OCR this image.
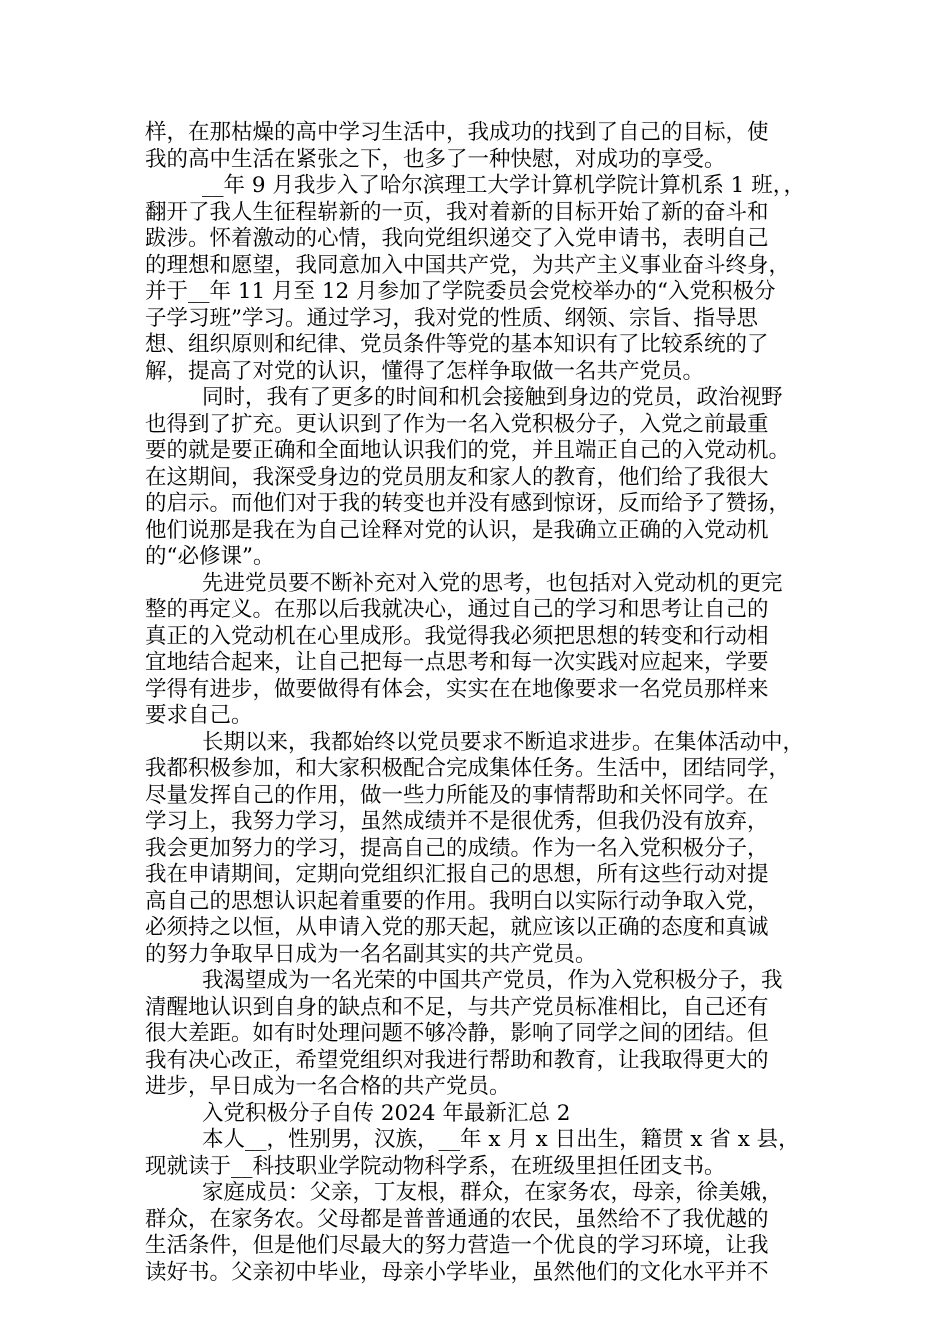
样，在那枯燥的高中学习生活中，我成功的找到了自己的目标，使
我的高中生活在紧张之下，也多了一种快慰，对成功的享受。
__年 9 月我步入了哈尔滨理工大学计算机学院计算机系 1 班，，
翻开了我人生征程崭新的一页，我对着新的目标开始了新的奋斗和
跋涉。怀着激动的心情，我向党组织递交了入党申请书，表明自己
的理想和愿望，我同意加入中国共产党，为共产主义事业奋斗终身，
并于__年 11 月至 12 月参加了学院委员会党校举办的“入党积极分
子学习班”学习。通过学习，我对党的性质、纲领、宗旨、指导思
想、组织原则和纪律、党员条件等党的基本知识有了比较系统的了
解，提高了对党的认识，懂得了怎样争取做一名共产党员。
同时，我有了更多的时间和机会接触到身边的党员，政治视野
也得到了扩充。更认识到了作为一名入党积极分子，入党之前最重
要的就是要正确和全面地认识我们的党，并且端正自己的入党动机。
在这期间，我深受身边的党员朋友和家人的教育，他们给了我很大
的启示。而他们对于我的转变也并没有感到惊讶，反而给予了赞扬，
他们说那是我在为自己诠释对党的认识，是我确立正确的入党动机
的“必修课”。
先进党员要不断补充对入党的思考，也包括对入党动机的更完
整的再定义。在那以后我就决心，通过自己的学习和思考让自己的
真正的入党动机在心里成形。我觉得我必须把思想的转变和行动相
宜地结合起来，让自己把每一点思考和每一次实践对应起来，学要
学得有进步，做要做得有体会，实实在在地像要求一名党员那样来
要求自己。
长期以来，我都始终以党员要求不断追求进步。在集体活动中，
我都积极参加，和大家积极配合完成集体任务。生活中，团结同学，
尽量发挥自己的作用，做一些力所能及的事情帮助和关怀同学。在
学习上，我努力学习，虽然成绩并不是很优秀，但我仍没有放弃，
我会更加努力的学习，提高自己的成绩。作为一名入党积极分子，
我在申请期间，定期向党组织汇报自己的思想，所有这些行动对提
高自己的思想认识起着重要的作用。我明白以实际行动争取入党，
必须持之以恒，从申请入党的那天起，就应该以正确的态度和真诚
的努力争取早日成为一名名副其实的共产党员。
我渴望成为一名光荣的中国共产党员，作为入党积极分子，我
清醒地认识到自身的缺点和不足，与共产党员标准相比，自己还有
很大差距。如有时处理问题不够冷静，影响了同学之间的团结。但
我有决心改正，希望党组织对我进行帮助和教育，让我取得更大的
进步，早日成为一名合格的共产党员。
入党积极分子自传 2024 年最新汇总 2
本人__，性别男，汉族，__年 x 月 x 日出生，籍贯 x 省 x 县，
现就读于__科技职业学院动物科学系，在班级里担任团支书。
家庭成员：父亲，丁友根，群众，在家务农，母亲，徐美娥，
群众，在家务农。父母都是普普通通的农民，虽然给不了我优越的
生活条件，但是他们尽最大的努力营造一个优良的学习环境，让我
读好书。父亲初中毕业，母亲小学毕业，虽然他们的文化水平并不
